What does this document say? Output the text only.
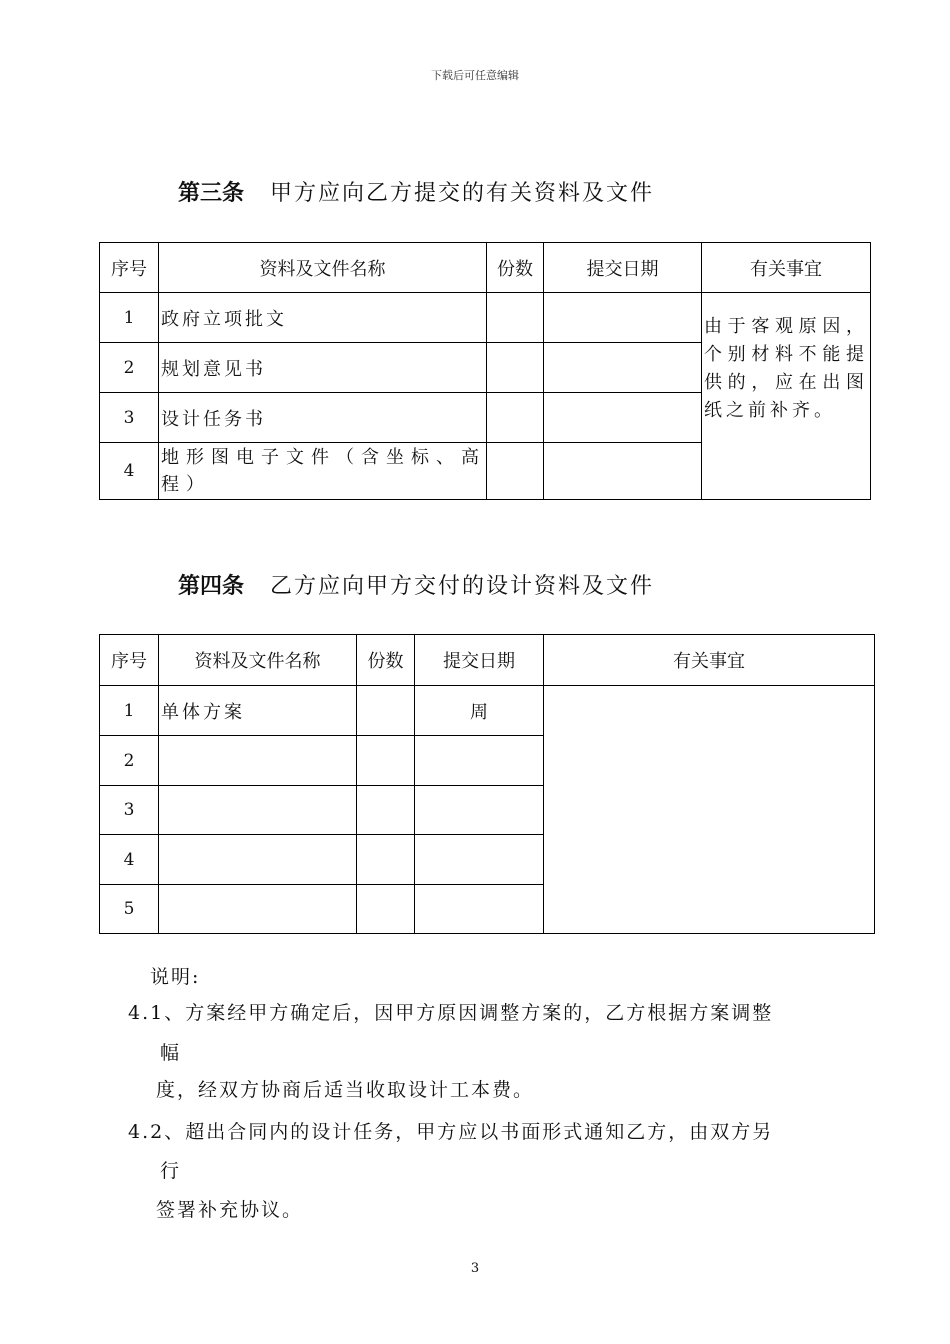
下载后可任意编辑
第三条 甲方应向乙方提交的有关资料及文件
序号	资料及文件名称	份数	提交日期	有关事宜
1	政府立项批文			由于客观原因，个别材料不能提供的，应在出图纸之前补齐。
2	规划意见书			
3	设计任务书			
4	地形图电子文件（含坐标、高程）			
第四条 乙方应向甲方交付的设计资料及文件
序号	资料及文件名称	份数	提交日期	有关事宜
1	单体方案		周	
2				
3				
4				
5				
说明:
4.1、方案经甲方确定后，因甲方原因调整方案的，乙方根据方案调整
幅
度，经双方协商后适当收取设计工本费。
4.2、超出合同内的设计任务，甲方应以书面形式通知乙方，由双方另
行
签署补充协议。
3
